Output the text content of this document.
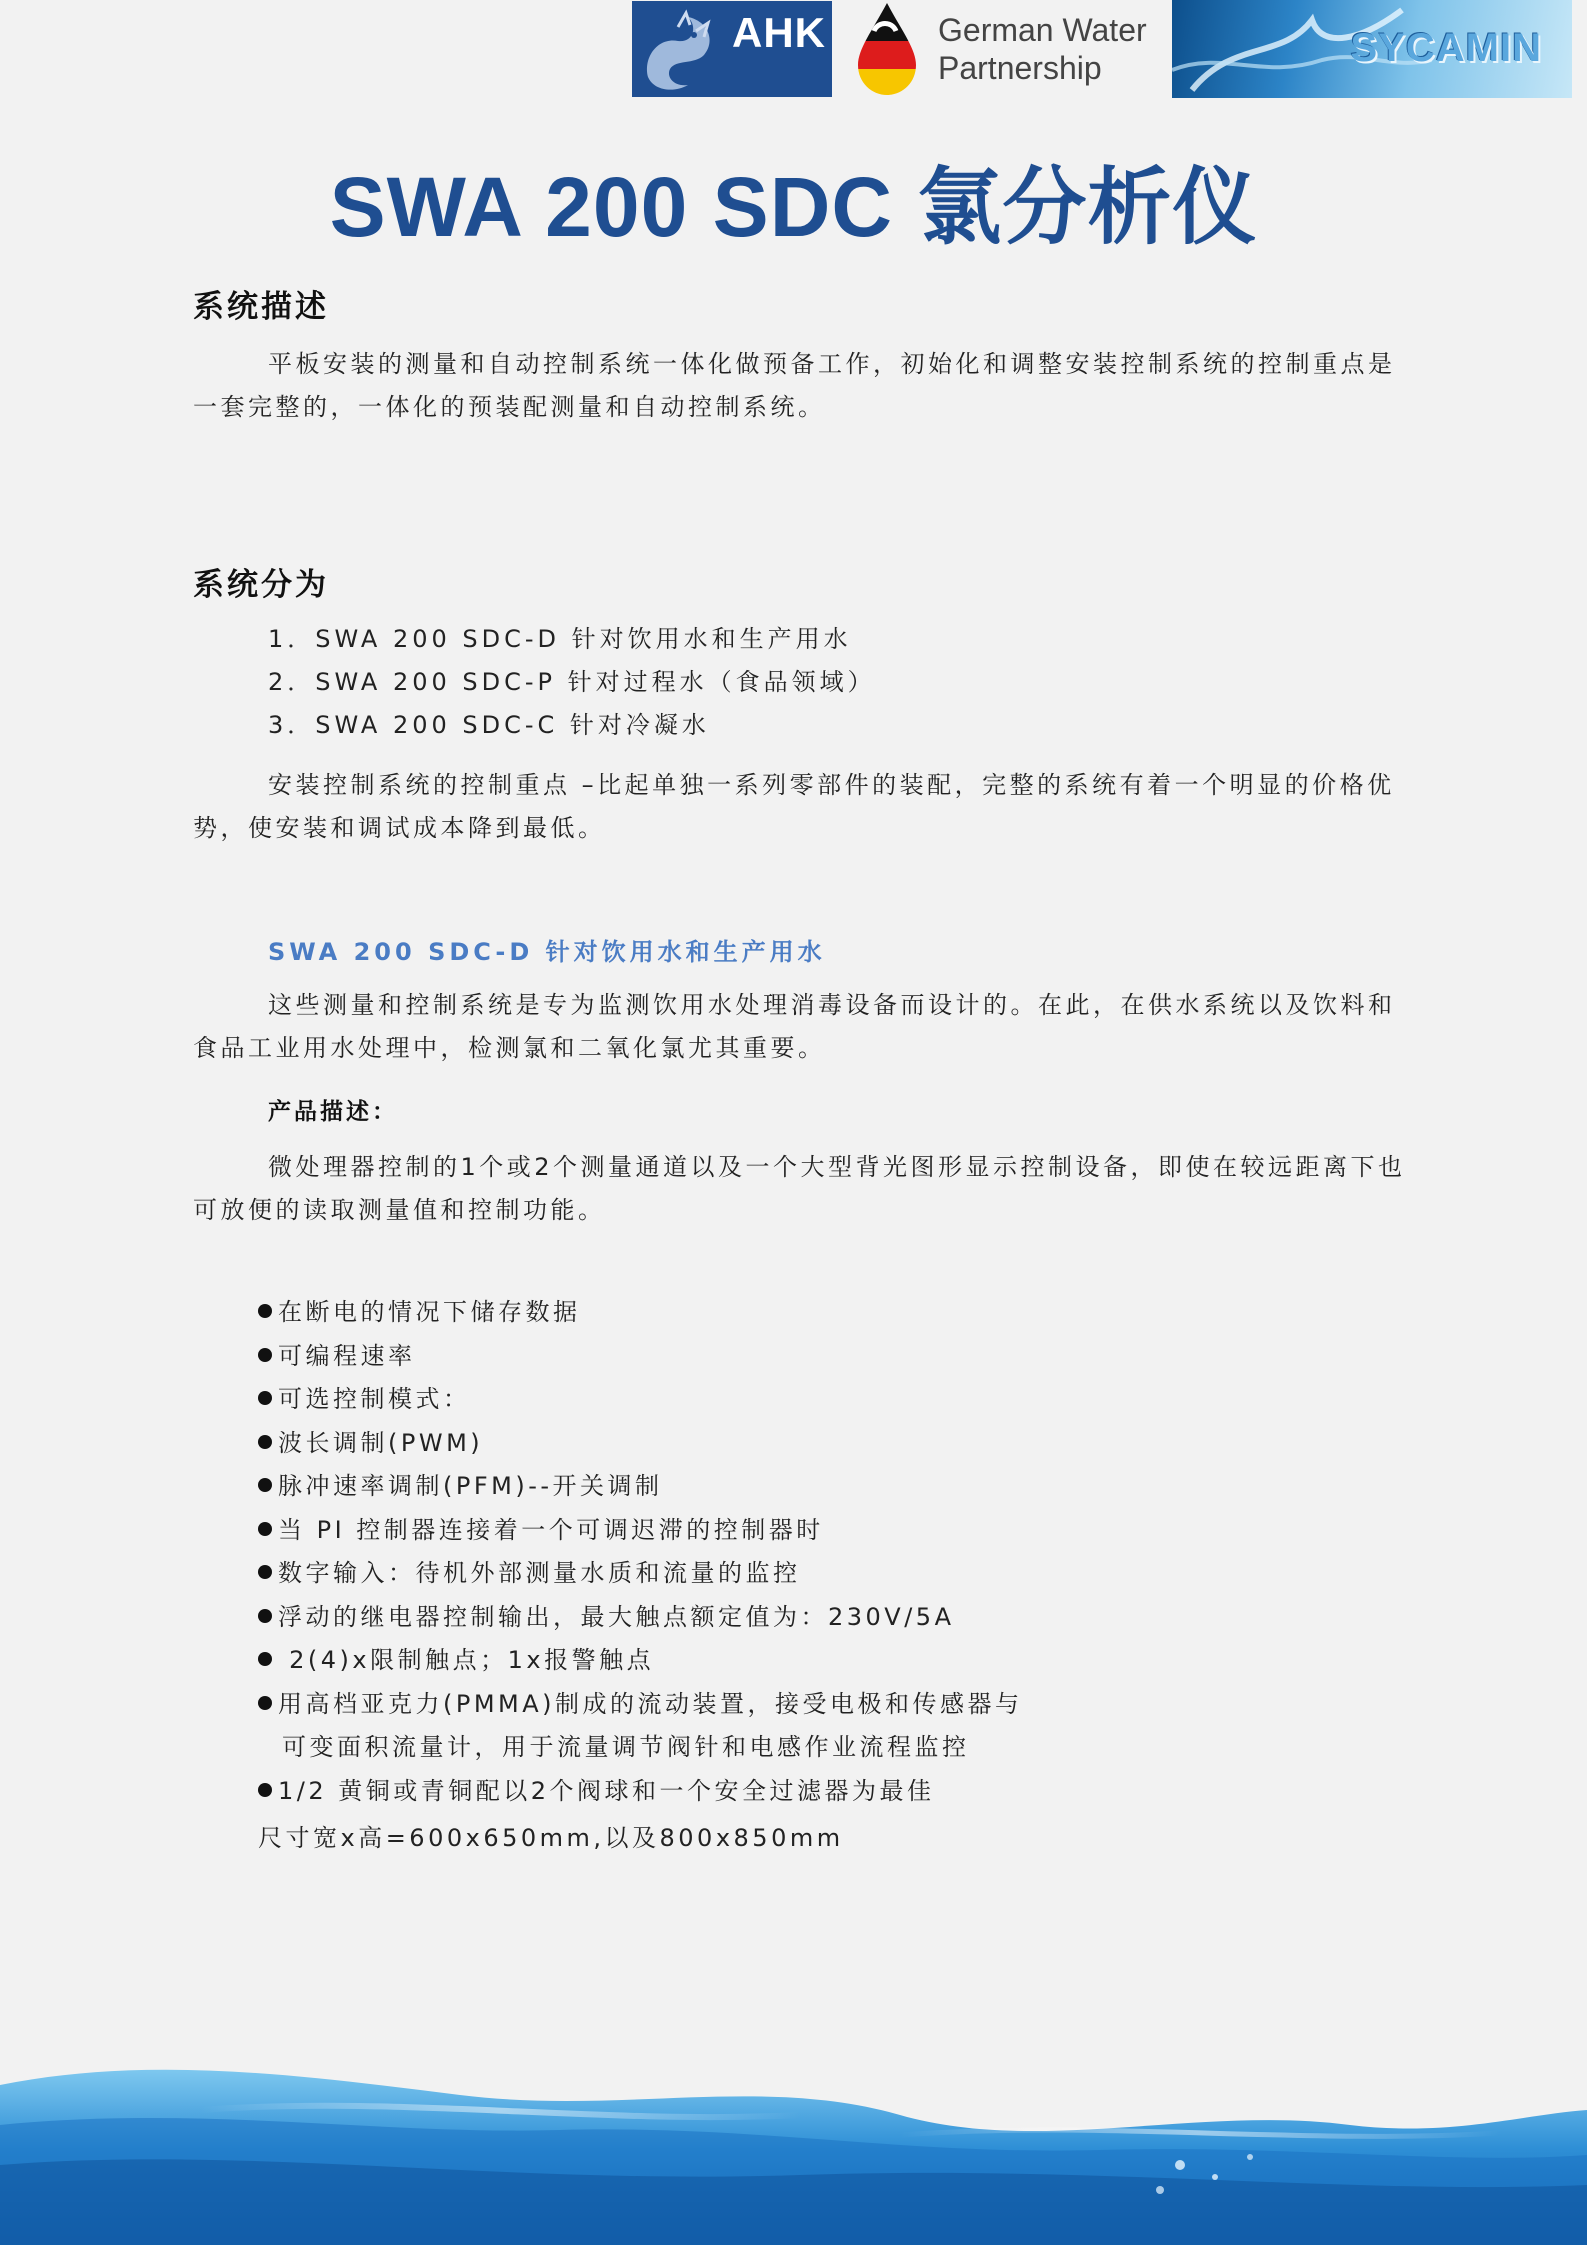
AHK	German Water
Partnership	SYCAMIN
SWA 200 SDC 氯分析仪
系统描述

平板安装的测量和自动控制系统一体化做预备工作，初始化和调整安装控制系统的控制重点是一套完整的，一体化的预装配测量和自动控制系统。

系统分为
1．SWA 200 SDC-D 针对饮用水和生产用水
2．SWA 200 SDC-P 针对过程水（食品领域）
3．SWA 200 SDC-C 针对冷凝水

安装控制系统的控制重点 –比起单独一系列零部件的装配，完整的系统有着一个明显的价格优势，使安装和调试成本降到最低。

SWA 200 SDC-D 针对饮用水和生产用水

这些测量和控制系统是专为监测饮用水处理消毒设备而设计的。在此，在供水系统以及饮料和食品工业用水处理中，检测氯和二氧化氯尤其重要。

产品描述：

微处理器控制的1个或2个测量通道以及一个大型背光图形显示控制设备，即使在较远距离下也可放便的读取测量值和控制功能。

在断电的情况下储存数据
可编程速率
可选控制模式：
波长调制(PWM)
脉冲速率调制(PFM)--开关调制
当 PI 控制器连接着一个可调迟滞的控制器时
数字输入：待机外部测量水质和流量的监控
浮动的继电器控制输出，最大触点额定值为：230V/5A
2(4)x限制触点；1x报警触点
用高档亚克力(PMMA)制成的流动装置，接受电极和传感器与
可变面积流量计，用于流量调节阀针和电感作业流程监控
1/2 黄铜或青铜配以2个阀球和一个安全过滤器为最佳

尺寸宽x高=600x650mm,以及800x850mm
